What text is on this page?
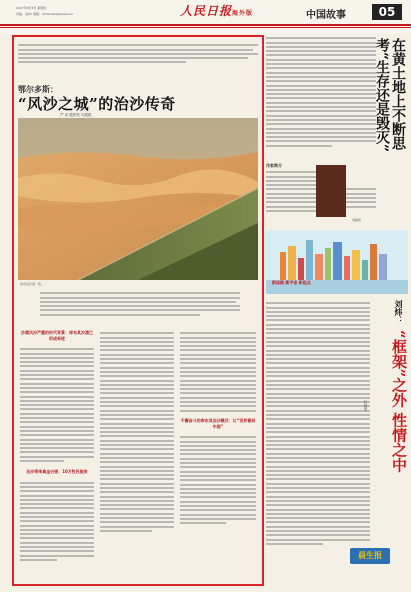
2017年8月3日 星期四
责编：刘XX 邮箱：rmrbhwb@people.cn	人民日报海外版	中国故事	05
鄂尔多斯：
“风沙之城”的治沙传奇
严 冰 殷梦昊 乌媛媛
库布其沙漠一角。
沙漠风沙严重的时代背景：库布其沙漠已形成奇迹
治沙带来真金白银：10万牧民脱贫
不懈奋斗的库布其治沙模式：让“世界看到中国”
在黄土地上不断思考“生存还是毁灭”
作家简介
刘慈欣
新丝路 新宇宙 新起点
刘炜：
“框架”之外 性情之中
叶继楼
晨生报
